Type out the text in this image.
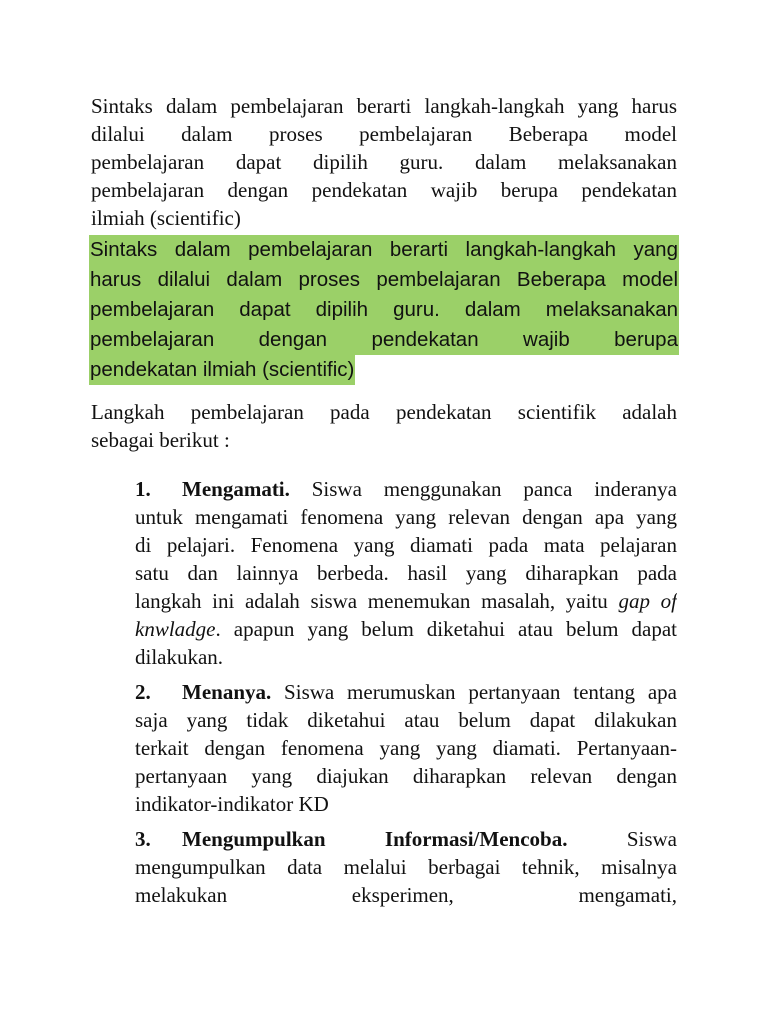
Sintaks dalam pembelajaran berarti langkah-langkah yang harus
dilalui dalam proses pembelajaran Beberapa model
pembelajaran dapat dipilih guru. dalam melaksanakan
pembelajaran dengan pendekatan wajib berupa pendekatan
ilmiah (scientific)
Sintaks dalam pembelajaran berarti langkah-langkah yang
harus dilalui dalam proses pembelajaran Beberapa model
pembelajaran dapat dipilih guru. dalam melaksanakan
pembelajaran dengan pendekatan wajib berupa
pendekatan ilmiah (scientific)
Langkah pembelajaran pada pendekatan scientifik adalah
sebagai berikut :
1. Mengamati. Siswa menggunakan panca inderanya
untuk mengamati fenomena yang relevan dengan apa yang
di pelajari. Fenomena yang diamati pada mata pelajaran
satu dan lainnya berbeda. hasil yang diharapkan pada
langkah ini adalah siswa menemukan masalah, yaitu gap of
knwladge. apapun yang belum diketahui atau belum dapat
dilakukan.
2. Menanya. Siswa merumuskan pertanyaan tentang apa
saja yang tidak diketahui atau belum dapat dilakukan
terkait dengan fenomena yang yang diamati. Pertanyaan-
pertanyaan yang diajukan diharapkan relevan dengan
indikator-indikator KD
3. Mengumpulkan	Informasi/Mencoba.	Siswa
mengumpulkan data melalui berbagai tehnik, misalnya
melakukan eksperimen, mengamati,
